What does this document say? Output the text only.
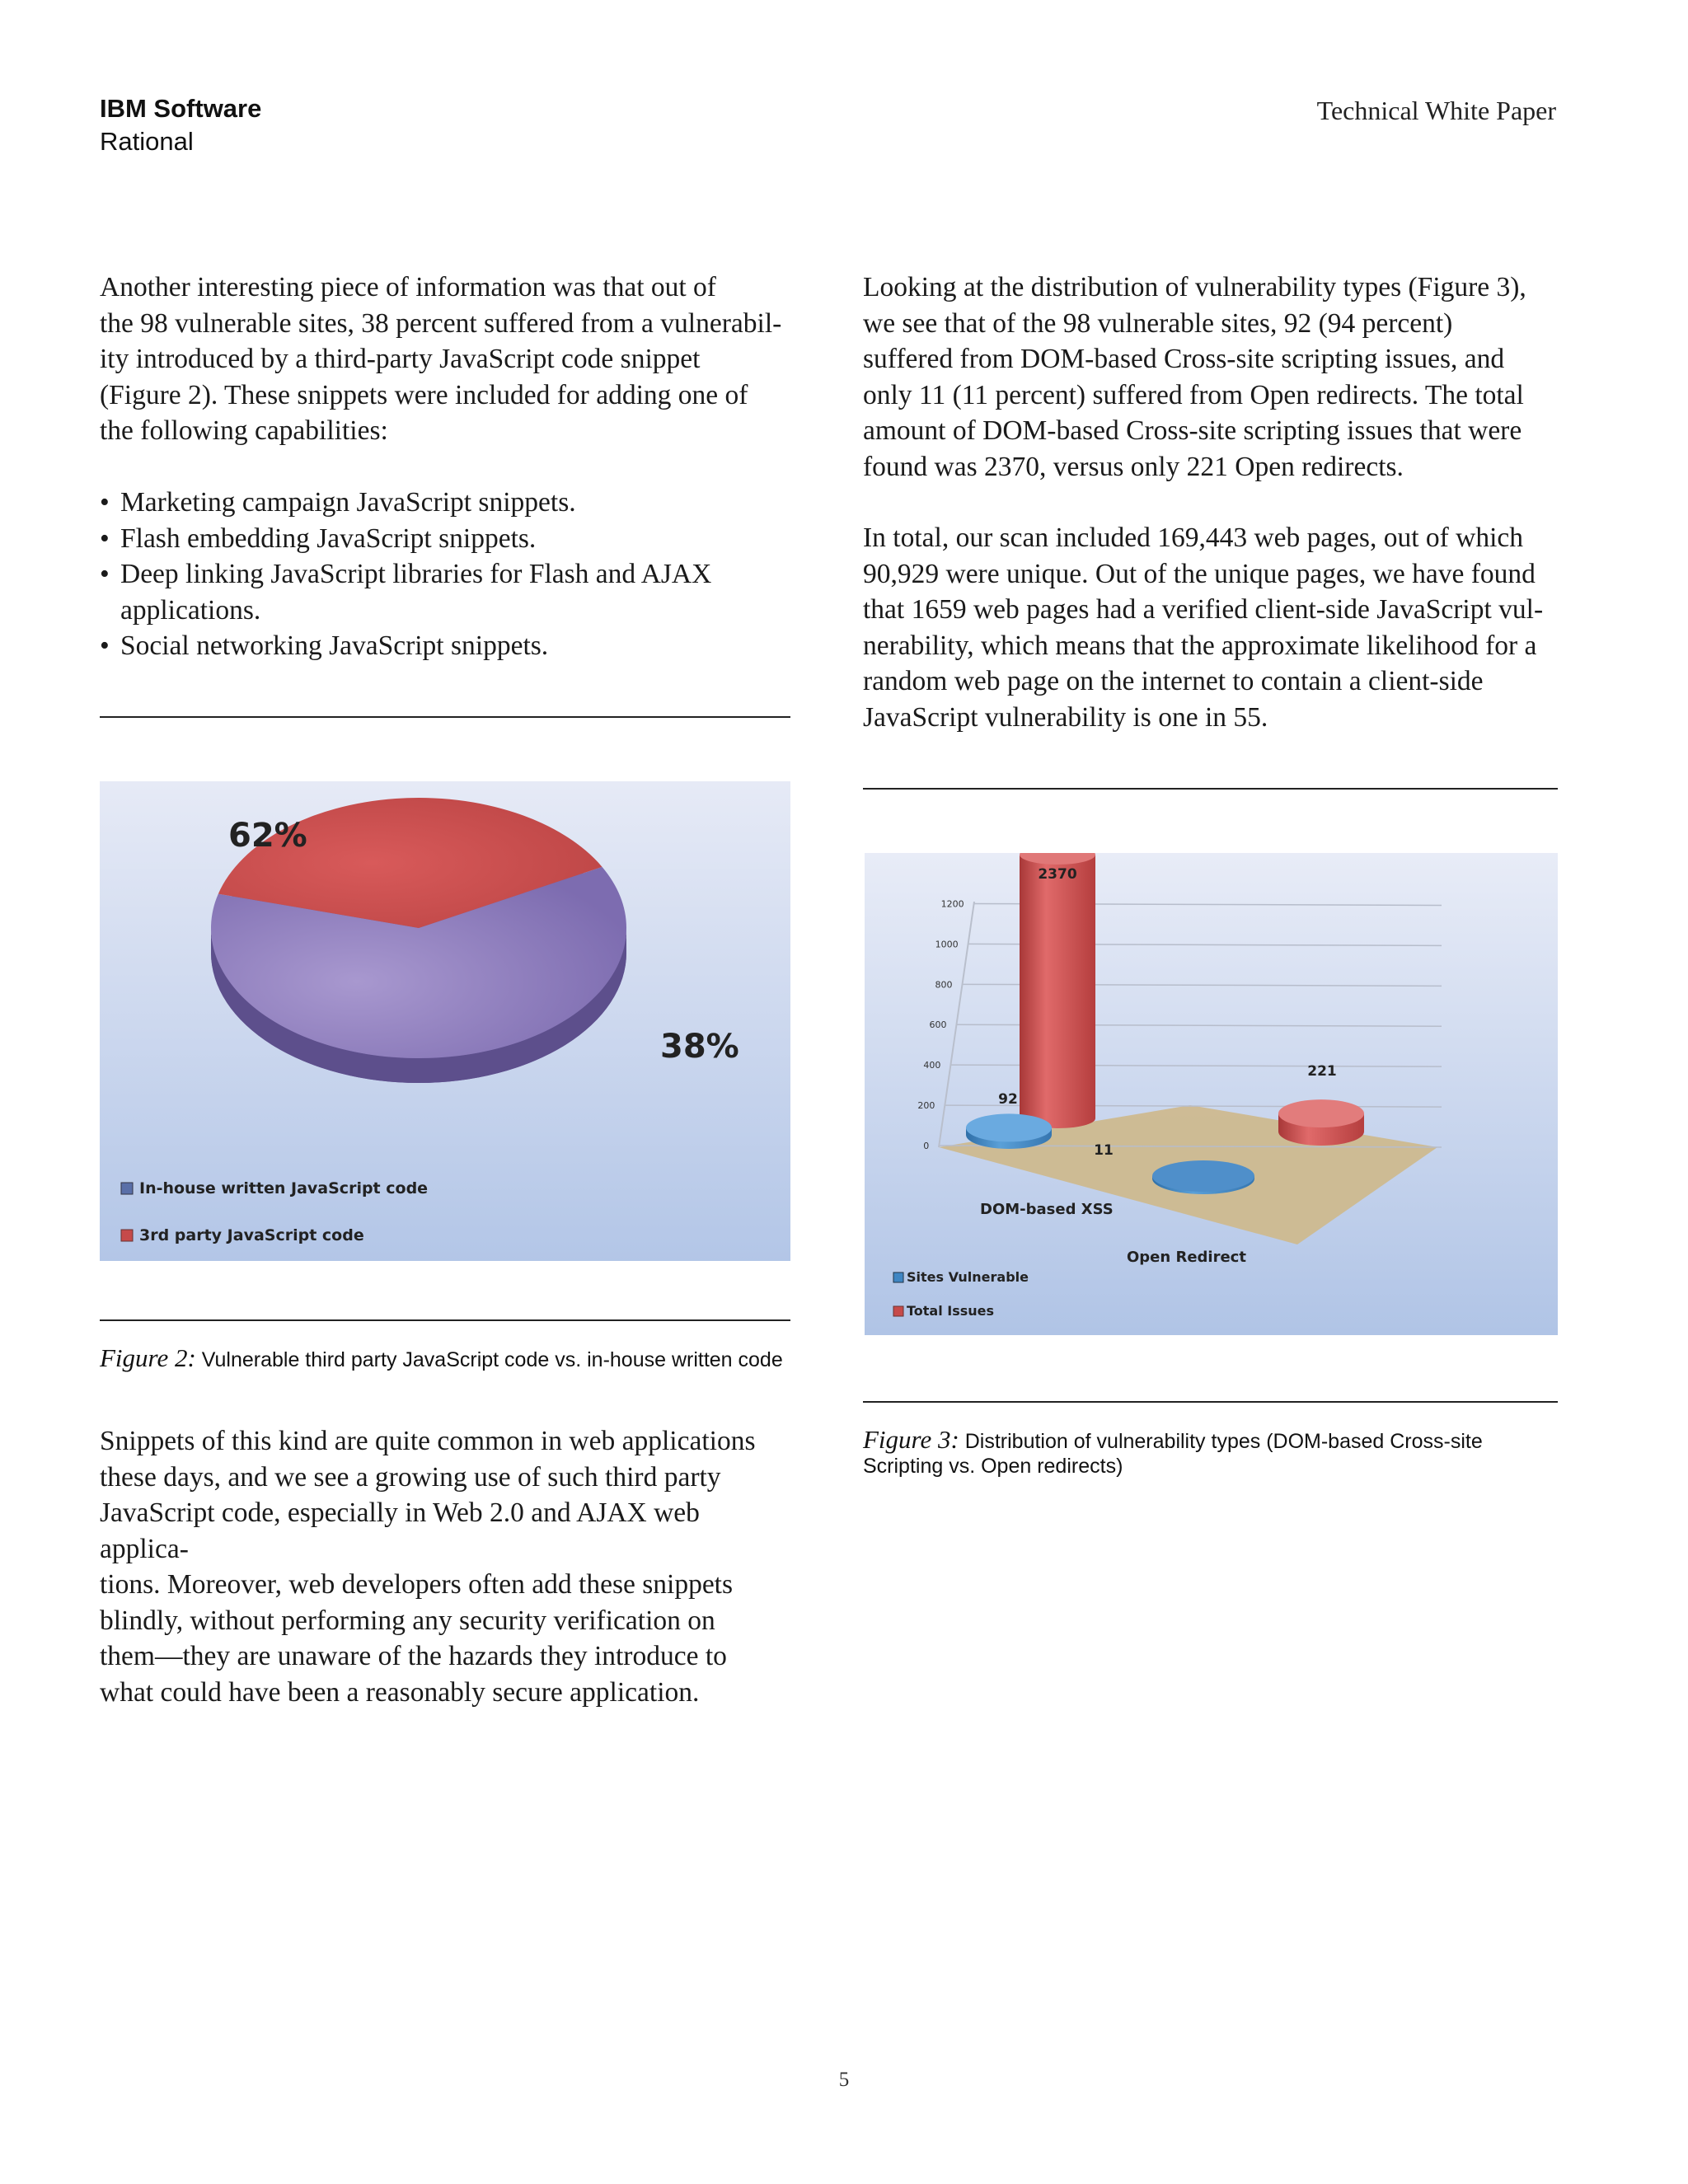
IBM Software
Rational
Technical White Paper
Another interesting piece of information was that out of
the 98 vulnerable sites, 38 percent suffered from a vulnerabil-
ity introduced by a third-party JavaScript code snippet
(Figure 2). These snippets were included for adding one of
the following capabilities:
• Marketing campaign JavaScript snippets.
• Flash embedding JavaScript snippets.
• Deep linking JavaScript libraries for Flash and AJAX applications.
• Social networking JavaScript snippets.
62%
38%
In-house written JavaScript code
3rd party JavaScript code
Figure 2: Vulnerable third party JavaScript code vs. in-house written code
Snippets of this kind are quite common in web applications
these days, and we see a growing use of such third party
JavaScript code, especially in Web 2.0 and AJAX web applica-
tions. Moreover, web developers often add these snippets
blindly, without performing any security verification on
them—they are unaware of the hazards they introduce to
what could have been a reasonably secure application.
Looking at the distribution of vulnerability types (Figure 3),
we see that of the 98 vulnerable sites, 92 (94 percent)
suffered from DOM-based Cross-site scripting issues, and
only 11 (11 percent) suffered from Open redirects. The total
amount of DOM-based Cross-site scripting issues that were
found was 2370, versus only 221 Open redirects.
In total, our scan included 169,443 web pages, out of which
90,929 were unique. Out of the unique pages, we have found
that 1659 web pages had a verified client-side JavaScript vul-
nerability, which means that the approximate likelihood for a
random web page on the internet to contain a client-side
JavaScript vulnerability is one in 55.
0
200
400
600
800
1000
1200
2370
92
11
221
DOM-based XSS
Open Redirect
Sites Vulnerable
Total Issues
Figure 3: Distribution of vulnerability types (DOM-based Cross-site
Scripting vs. Open redirects)
5
